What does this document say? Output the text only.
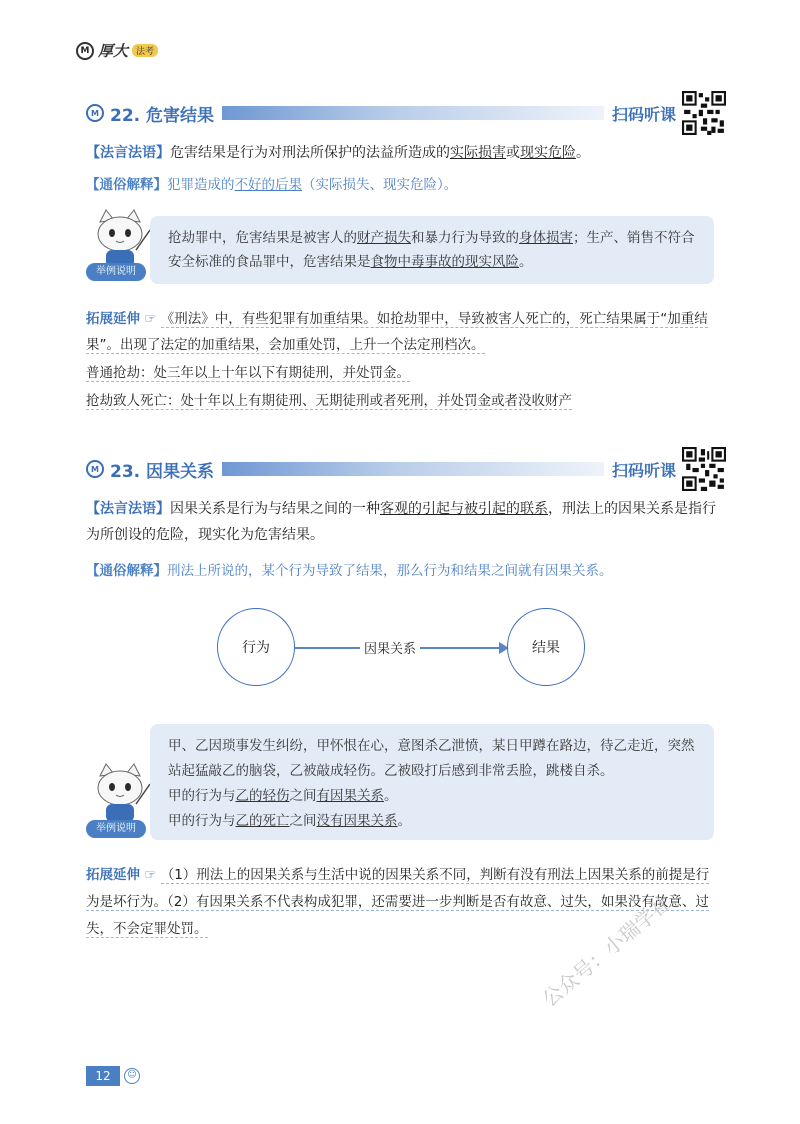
M 厚大 法考
M 22. 危害结果	扫码听课
【法言法语】危害结果是行为对刑法所保护的法益所造成的实际损害或现实危险。
【通俗解释】犯罪造成的不好的后果（实际损失、现实危险）。
举例说明
抢劫罪中，危害结果是被害人的财产损失和暴力行为导致的身体损害；生产、销售不符合安全标准的食品罪中，危害结果是食物中毒事故的现实风险。
拓展延伸 ☞ 《刑法》中，有些犯罪有加重结果。如抢劫罪中，导致被害人死亡的，死亡结果属于“加重结果”。出现了法定的加重结果，会加重处罚，上升一个法定刑档次。
普通抢劫：处三年以上十年以下有期徒刑，并处罚金。
抢劫致人死亡：处十年以上有期徒刑、无期徒刑或者死刑，并处罚金或者没收财产
M 23. 因果关系	扫码听课
【法言法语】因果关系是行为与结果之间的一种客观的引起与被引起的联系，刑法上的因果关系是指行为所创设的危险，现实化为危害结果。
【通俗解释】刑法上所说的，某个行为导致了结果，那么行为和结果之间就有因果关系。
行为	因果关系	结果
举例说明
甲、乙因琐事发生纠纷，甲怀恨在心，意图杀乙泄愤，某日甲蹲在路边，待乙走近，突然站起猛敲乙的脑袋，乙被敲成轻伤。乙被殴打后感到非常丢脸，跳楼自杀。
甲的行为与乙的轻伤之间有因果关系。
甲的行为与乙的死亡之间没有因果关系。
拓展延伸 ☞ （1）刑法上的因果关系与生活中说的因果关系不同，判断有没有刑法上因果关系的前提是行为是坏行为。（2）有因果关系不代表构成犯罪，还需要进一步判断是否有故意、过失，如果没有故意、过失，不会定罪处罚。	公众号：小瑞学社
12	☺
